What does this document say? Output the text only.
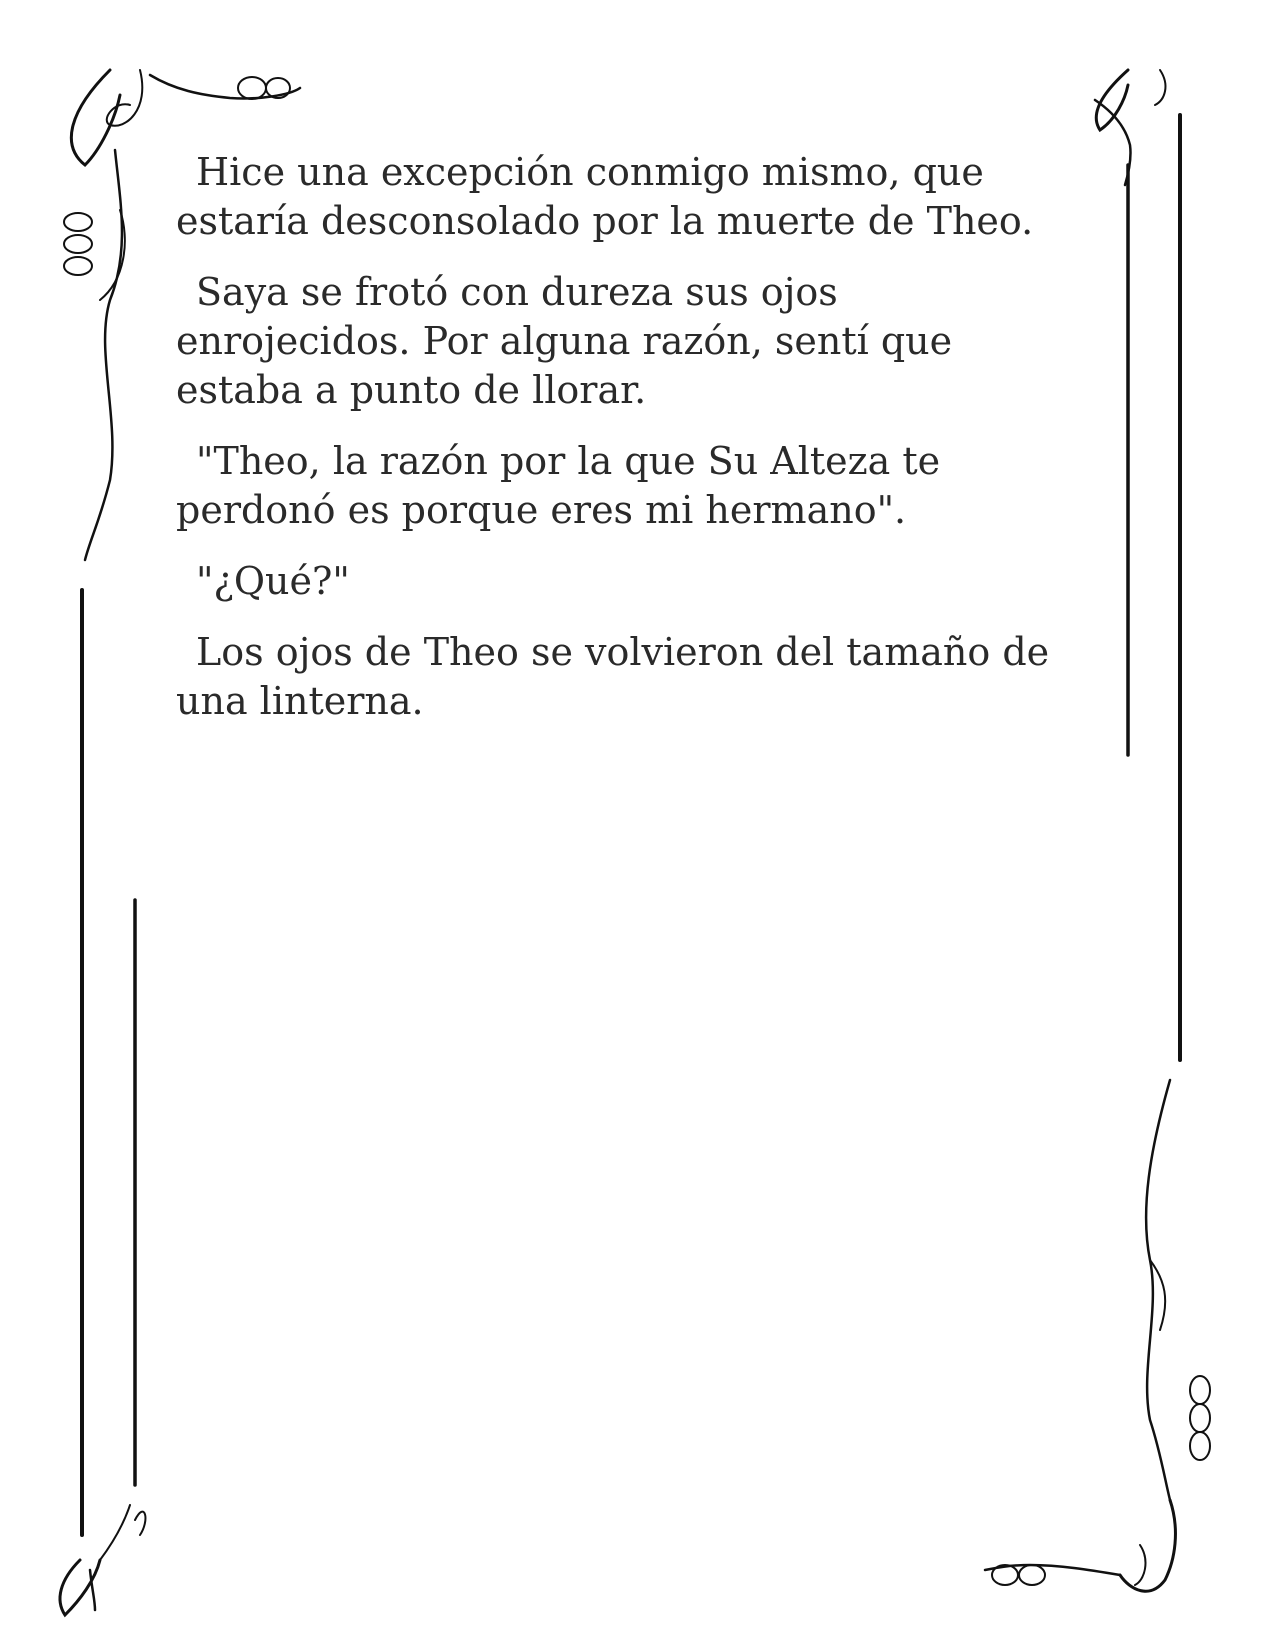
Hice una excepción conmigo mismo, que estaría desconsolado por la muerte de Theo.

Saya se frotó con dureza sus ojos enrojecidos. Por alguna razón, sentí que estaba a punto de llorar.

"Theo, la razón por la que Su Alteza te perdonó es porque eres mi hermano".

"¿Qué?"

Los ojos de Theo se volvieron del tamaño de una linterna.
